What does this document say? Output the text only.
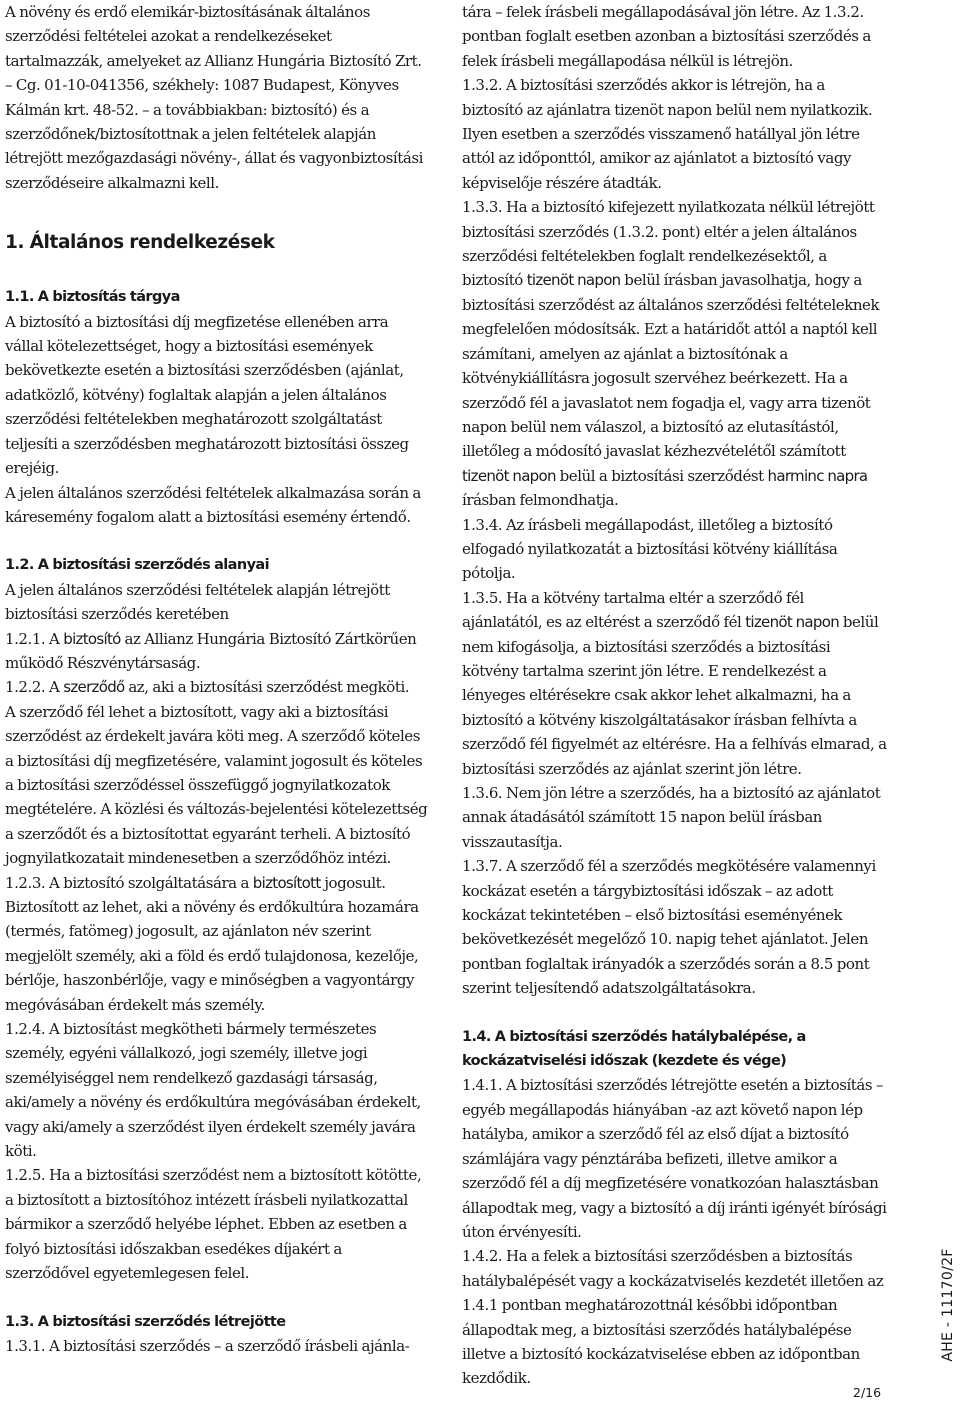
A növény és erdő elemikár-biztosításának általános szerződési feltételei azokat a rendelkezéseket tartalmazzák, amelyeket az Allianz Hungária Biztosító Zrt. – Cg. 01-10-041356, székhely: 1087 Budapest, Könyves Kálmán krt. 48-52. – a továbbiakban: biztosító) és a szerződőnek/biztosítottnak a jelen feltételek alapján létrejött mezőgazdasági növény-, állat és vagyonbiztosítási szerződéseire alkalmazni kell.

1. Általános rendelkezések
1.1. A biztosítás tárgya

A biztosító a biztosítási díj megfizetése ellenében arra vállal kötelezettséget, hogy a biztosítási események bekövetkezte esetén a biztosítási szerződésben (ajánlat, adatközlő, kötvény) foglaltak alapján a jelen általános szerződési feltételekben meghatározott szolgáltatást teljesíti a szerződésben meghatározott biztosítási összeg erejéig.

A jelen általános szerződési feltételek alkalmazása során a káresemény fogalom alatt a biztosítási esemény értendő.

1.2. A biztosítási szerződés alanyai

A jelen általános szerződési feltételek alapján létrejött biztosítási szerződés keretében

1.2.1. A biztosító az Allianz Hungária Biztosító Zártkörűen működő Részvénytársaság.

1.2.2. A szerződő az, aki a biztosítási szerződést megköti.

A szerződő fél lehet a biztosított, vagy aki a biztosítási szerződést az érdekelt javára köti meg. A szerződő köteles a biztosítási díj megfizetésére, valamint jogosult és köteles a biztosítási szerződéssel összefüggő jognyilatkozatok megtételére. A közlési és változás-bejelentési kötelezettség a szerződőt és a biztosítottat egyaránt terheli. A biztosító jognyilatkozatait mindenesetben a szerződőhöz intézi.

1.2.3. A biztosító szolgáltatására a biztosított jogosult.

Biztosított az lehet, aki a növény és erdőkultúra hozamára (termés, fatömeg) jogosult, az ajánlaton név szerint megjelölt személy, aki a föld és erdő tulajdonosa, kezelője, bérlője, haszonbérlője, vagy e minőségben a vagyontárgy megóvásában érdekelt más személy.

1.2.4. A biztosítást megkötheti bármely természetes személy, egyéni vállalkozó, jogi személy, illetve jogi személyiséggel nem rendelkező gazdasági társaság, aki/amely a növény és erdőkultúra megóvásában érdekelt, vagy aki/amely a szerződést ilyen érdekelt személy javára köti.

1.2.5. Ha a biztosítási szerződést nem a biztosított kötötte, a biztosított a biztosítóhoz intézett írásbeli nyilatkozattal bármikor a szerződő helyébe léphet. Ebben az esetben a folyó biztosítási időszakban esedékes díjakért a szerződővel egyetemlegesen felel.

1.3. A biztosítási szerződés létrejötte

1.3.1. A biztosítási szerződés – a szerződő írásbeli ajánla-

tára – felek írásbeli megállapodásával jön létre. Az 1.3.2. pontban foglalt esetben azonban a biztosítási szerződés a felek írásbeli megállapodása nélkül is létrejön.

1.3.2. A biztosítási szerződés akkor is létrejön, ha a biztosító az ajánlatra tizenöt napon belül nem nyilatkozik. Ilyen esetben a szerződés visszamenő hatállyal jön létre attól az időponttól, amikor az ajánlatot a biztosító vagy képviselője részére átadták.

1.3.3. Ha a biztosító kifejezett nyilatkozata nélkül létrejött biztosítási szerződés (1.3.2. pont) eltér a jelen általános szerződési feltételekben foglalt rendelkezésektől, a biztosító tizenöt napon belül írásban javasolhatja, hogy a biztosítási szerződést az általános szerződési feltételeknek megfelelően módosítsák. Ezt a határidőt attól a naptól kell számítani, amelyen az ajánlat a biztosítónak a kötvénykiállításra jogosult szervéhez beérkezett. Ha a szerződő fél a javaslatot nem fogadja el, vagy arra tizenöt napon belül nem válaszol, a biztosító az elutasítástól, illetőleg a módosító javaslat kézhezvételétől számított tizenöt napon belül a biztosítási szerződést harminc napra írásban felmondhatja.

1.3.4. Az írásbeli megállapodást, illetőleg a biztosító elfogadó nyilatkozatát a biztosítási kötvény kiállítása pótolja.

1.3.5. Ha a kötvény tartalma eltér a szerződő fél ajánlatától, es az eltérést a szerződő fél tizenöt napon belül nem kifogásolja, a biztosítási szerződés a biztosítási kötvény tartalma szerint jön létre. E rendelkezést a lényeges eltérésekre csak akkor lehet alkalmazni, ha a biztosító a kötvény kiszolgáltatásakor írásban felhívta a szerződő fél figyelmét az eltérésre. Ha a felhívás elmarad, a biztosítási szerződés az ajánlat szerint jön létre.

1.3.6. Nem jön létre a szerződés, ha a biztosító az ajánlatot annak átadásától számított 15 napon belül írásban visszautasítja.

1.3.7. A szerződő fél a szerződés megkötésére valamennyi kockázat esetén a tárgybiztosítási időszak – az adott kockázat tekintetében – első biztosítási eseményének bekövetkezését megelőző 10. napig tehet ajánlatot. Jelen pontban foglaltak irányadók a szerződés során a 8.5 pont szerint teljesítendő adatszolgáltatásokra.

1.4. A biztosítási szerződés hatálybalépése, a kockázatviselési időszak (kezdete és vége)

1.4.1. A biztosítási szerződés létrejötte esetén a biztosítás – egyéb megállapodás hiányában -az azt követő napon lép hatályba, amikor a szerződő fél az első díjat a biztosító számlájára vagy pénztárába befizeti, illetve amikor a szerződő fél a díj megfizetésére vonatkozóan halasztásban állapodtak meg, vagy a biztosító a díj iránti igényét bírósági úton érvényesíti.

1.4.2. Ha a felek a biztosítási szerződésben a biztosítás hatálybalépését vagy a kockázatviselés kezdetét illetően az 1.4.1 pontban meghatározottnál későbbi időpontban állapodtak meg, a biztosítási szerződés hatálybalépése illetve a biztosító kockázatviselése ebben az időpontban kezdődik.

AHE - 11170/2F
2/16
